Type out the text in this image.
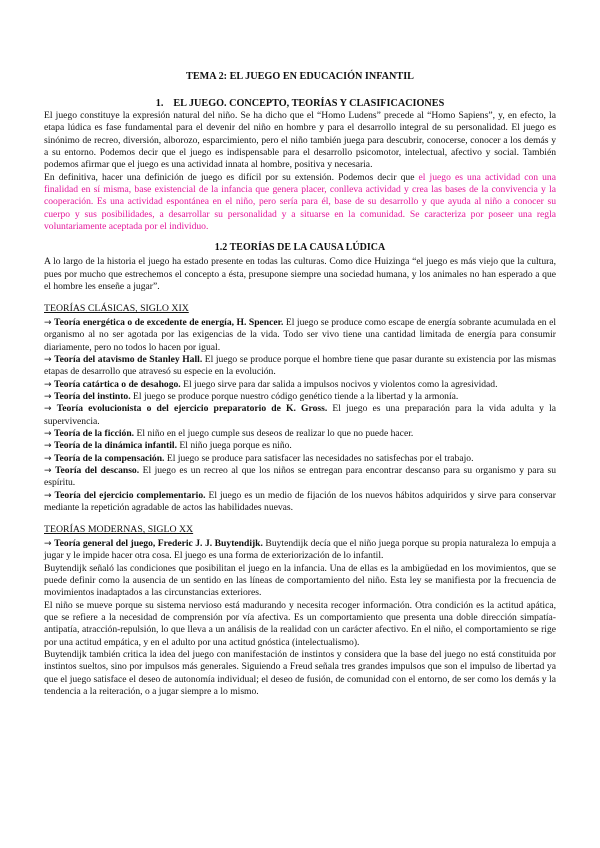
TEMA 2: EL JUEGO EN EDUCACIÓN INFANTIL

1. EL JUEGO. CONCEPTO, TEORÍAS Y CLASIFICACIONES

El juego constituye la expresión natural del niño. Se ha dicho que el “Homo Ludens” precede al “Homo Sapiens”, y, en efecto, la etapa lúdica es fase fundamental para el devenir del niño en hombre y para el desarrollo integral de su personalidad. El juego es sinónimo de recreo, diversión, alborozo, esparcimiento, pero el niño también juega para descubrir, conocerse, conocer a los demás y a su entorno. Podemos decir que el juego es indispensable para el desarrollo psicomotor, intelectual, afectivo y social. También podemos afirmar que el juego es una actividad innata al hombre, positiva y necesaria.

En definitiva, hacer una definición de juego es difícil por su extensión. Podemos decir que el juego es una actividad con una finalidad en sí misma, base existencial de la infancia que genera placer, conlleva actividad y crea las bases de la convivencia y la cooperación. Es una actividad espontánea en el niño, pero sería para él, base de su desarrollo y que ayuda al niño a conocer su cuerpo y sus posibilidades, a desarrollar su personalidad y a situarse en la comunidad. Se caracteriza por poseer una regla voluntariamente aceptada por el individuo.

1.2 TEORÍAS DE LA CAUSA LÚDICA

A lo largo de la historia el juego ha estado presente en todas las culturas. Como dice Huizinga “el juego es más viejo que la cultura, pues por mucho que estrechemos el concepto a ésta, presupone siempre una sociedad humana, y los animales no han esperado a que el hombre les enseñe a jugar”.

TEORÍAS CLÁSICAS, SIGLO XIX

→ Teoría energética o de excedente de energía, H. Spencer. El juego se produce como escape de energía sobrante acumulada en el organismo al no ser agotada por las exigencias de la vida. Todo ser vivo tiene una cantidad limitada de energía para consumir diariamente, pero no todos lo hacen por igual.

→ Teoría del atavismo de Stanley Hall. El juego se produce porque el hombre tiene que pasar durante su existencia por las mismas etapas de desarrollo que atravesó su especie en la evolución.

→ Teoría catártica o de desahogo. El juego sirve para dar salida a impulsos nocivos y violentos como la agresividad.

→ Teoría del instinto. El juego se produce porque nuestro código genético tiende a la libertad y la armonía.

→ Teoría evolucionista o del ejercicio preparatorio de K. Gross. El juego es una preparación para la vida adulta y la supervivencia.

→ Teoría de la ficción. El niño en el juego cumple sus deseos de realizar lo que no puede hacer.

→ Teoría de la dinámica infantil. El niño juega porque es niño.

→ Teoría de la compensación. El juego se produce para satisfacer las necesidades no satisfechas por el trabajo.

→ Teoría del descanso. El juego es un recreo al que los niños se entregan para encontrar descanso para su organismo y para su espíritu.

→ Teoría del ejercicio complementario. El juego es un medio de fijación de los nuevos hábitos adquiridos y sirve para conservar mediante la repetición agradable de actos las habilidades nuevas.

TEORÍAS MODERNAS, SIGLO XX

→ Teoría general del juego, Frederic J. J. Buytendijk. Buytendijk decía que el niño juega porque su propia naturaleza lo empuja a jugar y le impide hacer otra cosa. El juego es una forma de exteriorización de lo infantil.

Buytendijk señaló las condiciones que posibilitan el juego en la infancia. Una de ellas es la ambigüedad en los movimientos, que se puede definir como la ausencia de un sentido en las líneas de comportamiento del niño. Esta ley se manifiesta por la frecuencia de movimientos inadaptados a las circunstancias exteriores.

El niño se mueve porque su sistema nervioso está madurando y necesita recoger información. Otra condición es la actitud apática, que se refiere a la necesidad de comprensión por vía afectiva. Es un comportamiento que presenta una doble dirección simpatía-antipatía, atracción-repulsión, lo que lleva a un análisis de la realidad con un carácter afectivo. En el niño, el comportamiento se rige por una actitud empática, y en el adulto por una actitud gnóstica (intelectualismo).

Buytendijk también critica la idea del juego con manifestación de instintos y considera que la base del juego no está constituida por instintos sueltos, sino por impulsos más generales. Siguiendo a Freud señala tres grandes impulsos que son el impulso de libertad ya que el juego satisface el deseo de autonomía individual; el deseo de fusión, de comunidad con el entorno, de ser como los demás y la tendencia a la reiteración, o a jugar siempre a lo mismo.
